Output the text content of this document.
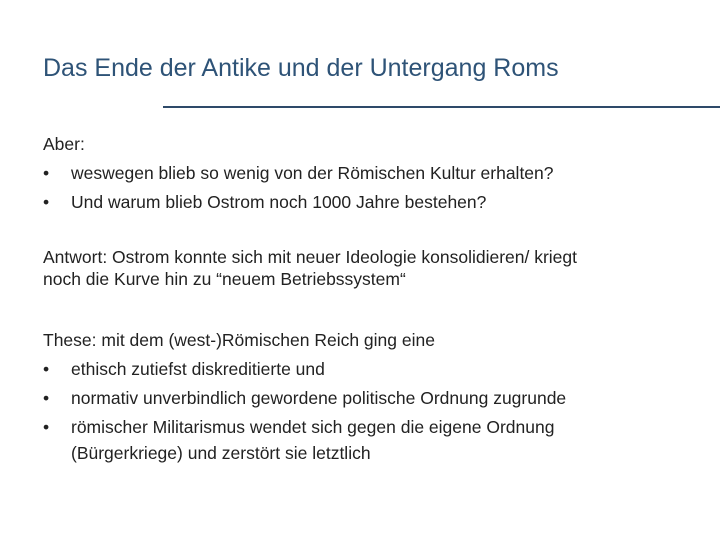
Das Ende der Antike und der Untergang Roms

Aber:

• weswegen blieb so wenig von der Römischen Kultur erhalten?
• Und warum blieb Ostrom noch 1000 Jahre bestehen?

Antwort: Ostrom konnte sich mit neuer Ideologie konsolidieren/ kriegt

noch die Kurve hin zu “neuem Betriebssystem“

These: mit dem (west-)Römischen Reich ging eine

• ethisch zutiefst diskreditierte und
• normativ unverbindlich gewordene politische Ordnung zugrunde
• römischer Militarismus wendet sich gegen die eigene Ordnung
(Bürgerkriege) und zerstört sie letztlich
